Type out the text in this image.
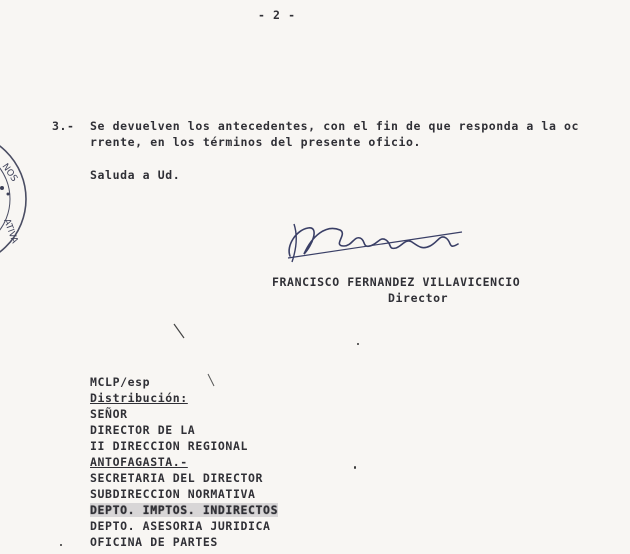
- 2 -
NOS
ATIVA
3.- Se devuelven los antecedentes, con el fin de que responda a la oc
rrente, en los términos del presente oficio.
Saluda a Ud.
FRANCISCO FERNANDEZ VILLAVICENCIO
Director
MCLP/esp
Distribución:
SEÑOR
DIRECTOR DE LA
II DIRECCION REGIONAL
ANTOFAGASTA.-
SECRETARIA DEL DIRECTOR
SUBDIRECCION NORMATIVA
DEPTO. IMPTOS. INDIRECTOS
DEPTO. ASESORIA JURIDICA
OFICINA DE PARTES
